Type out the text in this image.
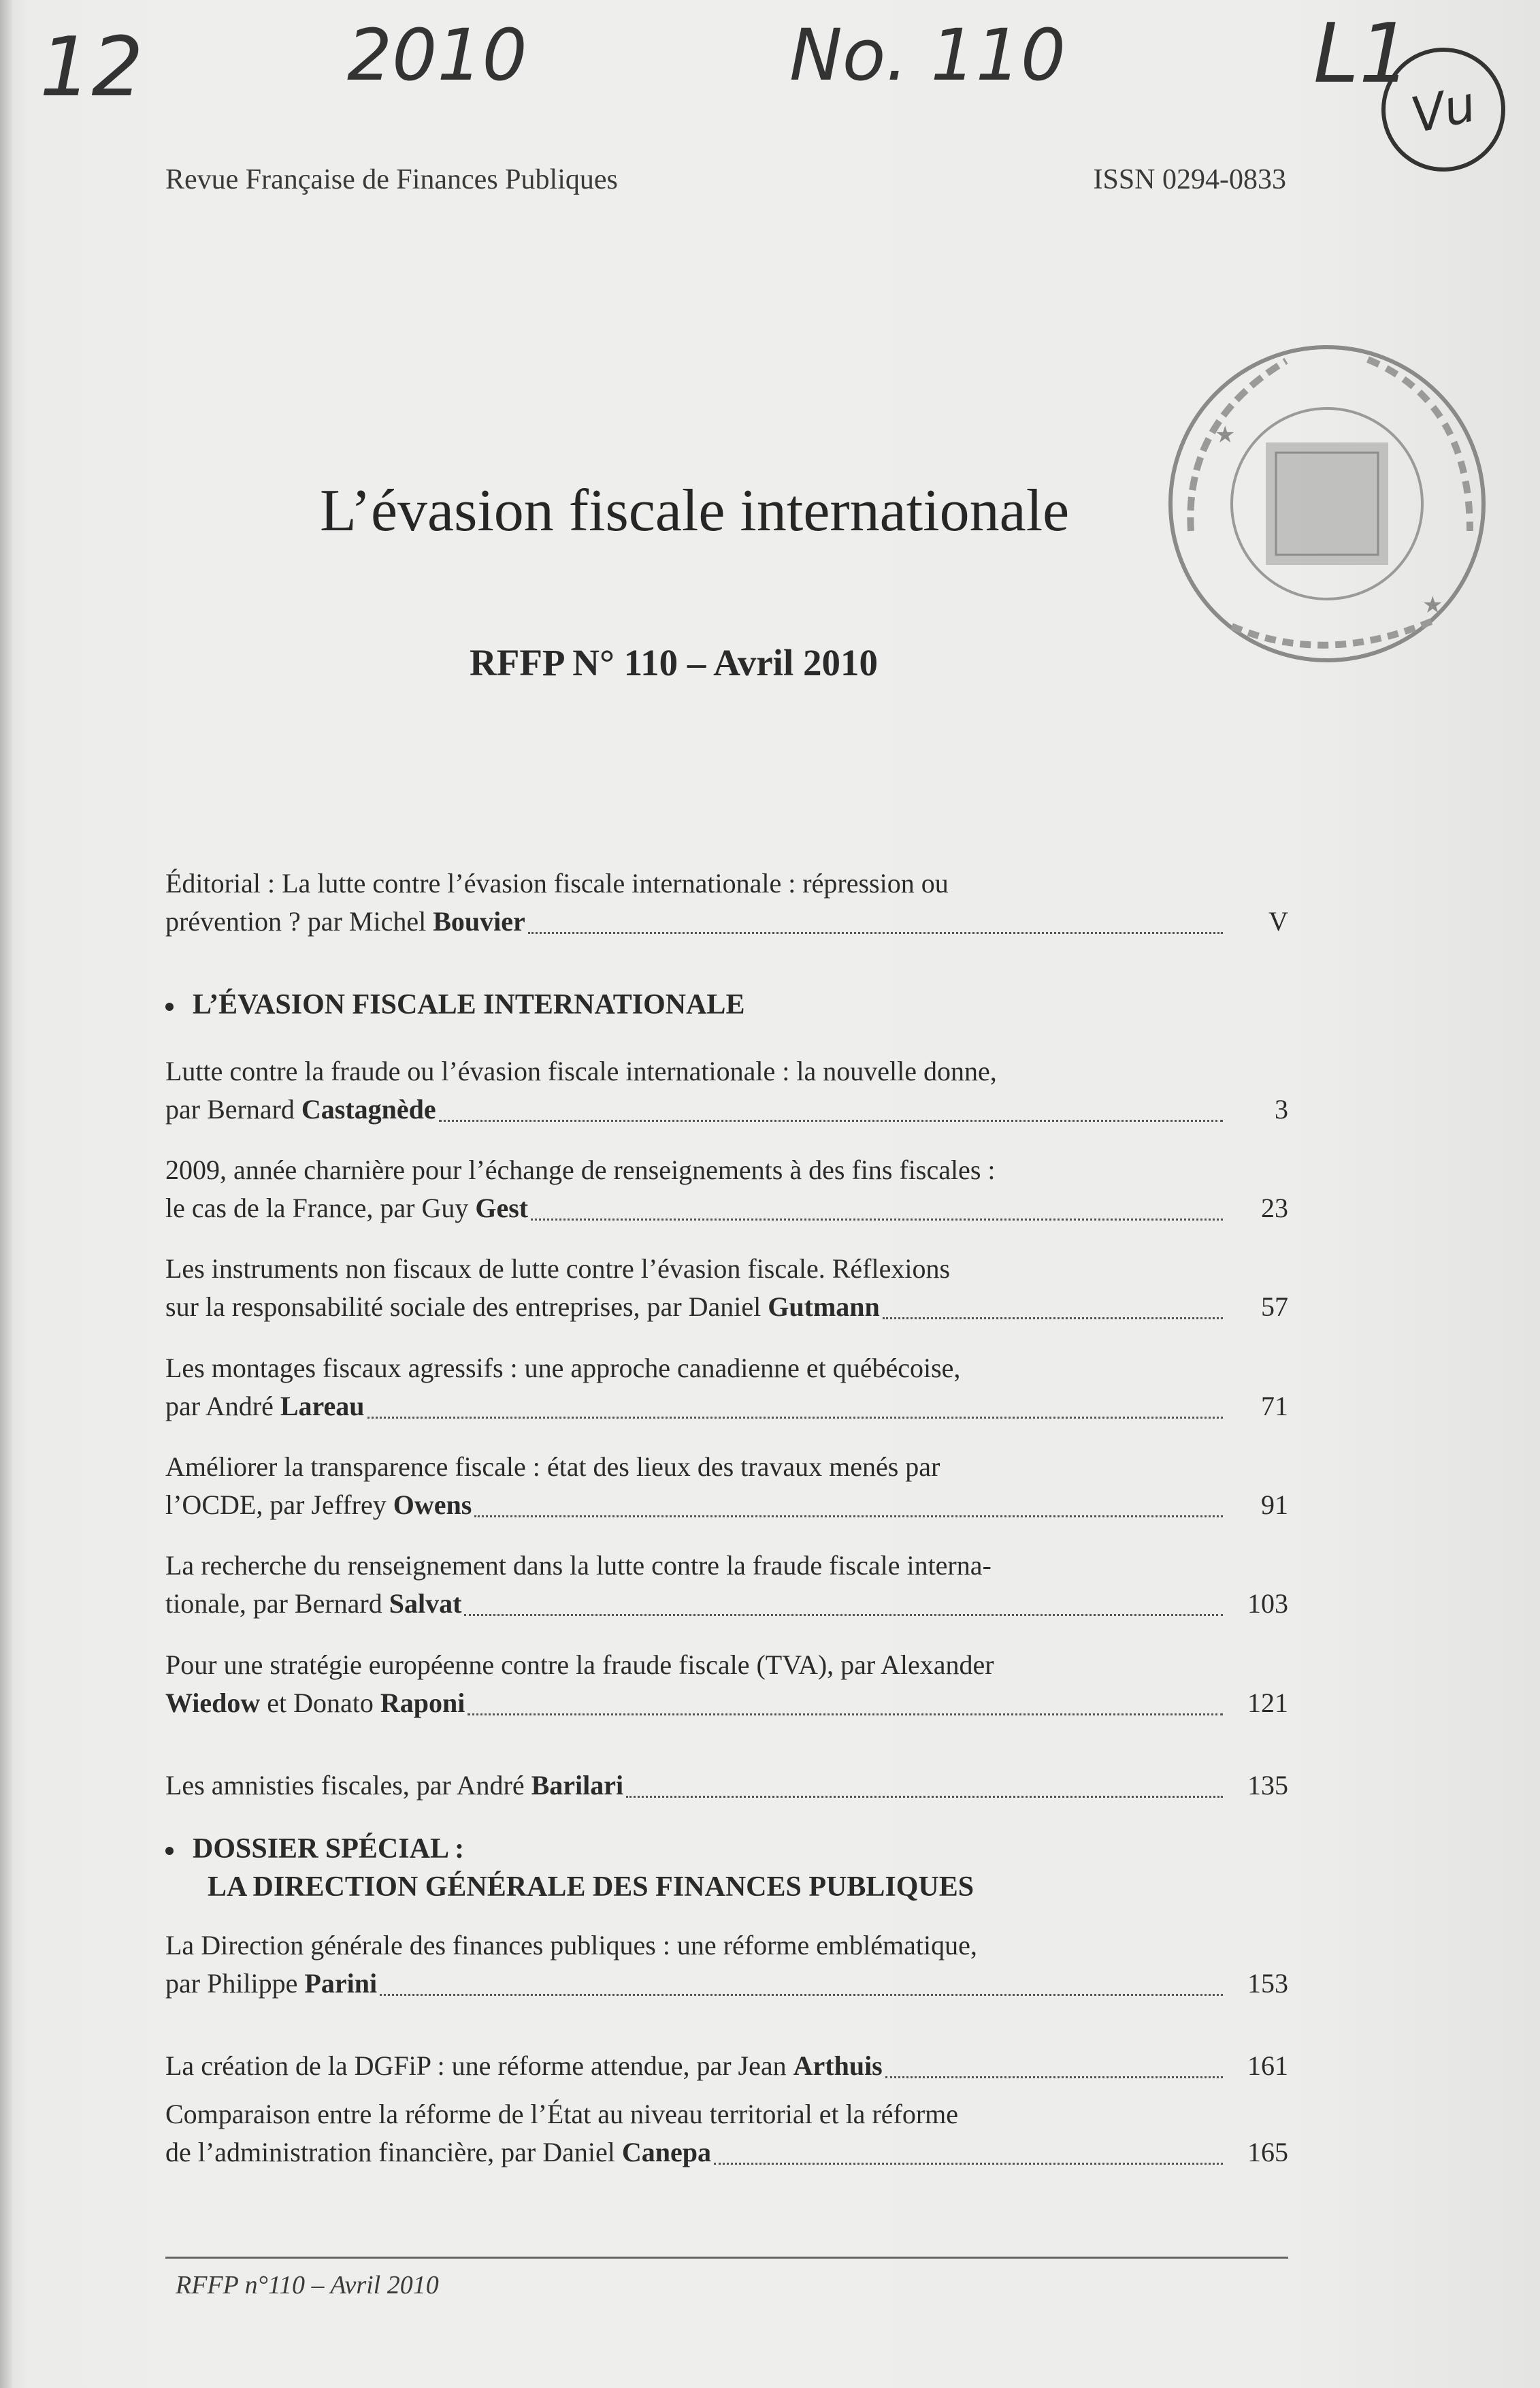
12	2010	No. 110	L1
Vu
Revue Française de Finances Publiques	ISSN 0294-0833
L’évasion fiscale internationale
RFFP N° 110 – Avril 2010
★
★
Éditorial : La lutte contre l’évasion fiscale internationale : répression ou
prévention ? par Michel Bouvier	V
L’ÉVASION FISCALE INTERNATIONALE
Lutte contre la fraude ou l’évasion fiscale internationale : la nouvelle donne,
par Bernard Castagnède	3
2009, année charnière pour l’échange de renseignements à des fins fiscales :
le cas de la France, par Guy Gest	23
Les instruments non fiscaux de lutte contre l’évasion fiscale. Réflexions
sur la responsabilité sociale des entreprises, par Daniel Gutmann	57
Les montages fiscaux agressifs : une approche canadienne et québécoise,
par André Lareau	71
Améliorer la transparence fiscale : état des lieux des travaux menés par
l’OCDE, par Jeffrey Owens	91
La recherche du renseignement dans la lutte contre la fraude fiscale interna-
tionale, par Bernard Salvat	103
Pour une stratégie européenne contre la fraude fiscale (TVA), par Alexander
Wiedow et Donato Raponi	121
Les amnisties fiscales, par André Barilari	135
DOSSIER SPÉCIAL :
LA DIRECTION GÉNÉRALE DES FINANCES PUBLIQUES
La Direction générale des finances publiques : une réforme emblématique,
par Philippe Parini	153
La création de la DGFiP : une réforme attendue, par Jean Arthuis	161
Comparaison entre la réforme de l’État au niveau territorial et la réforme
de l’administration financière, par Daniel Canepa	165
RFFP n°110 – Avril 2010
